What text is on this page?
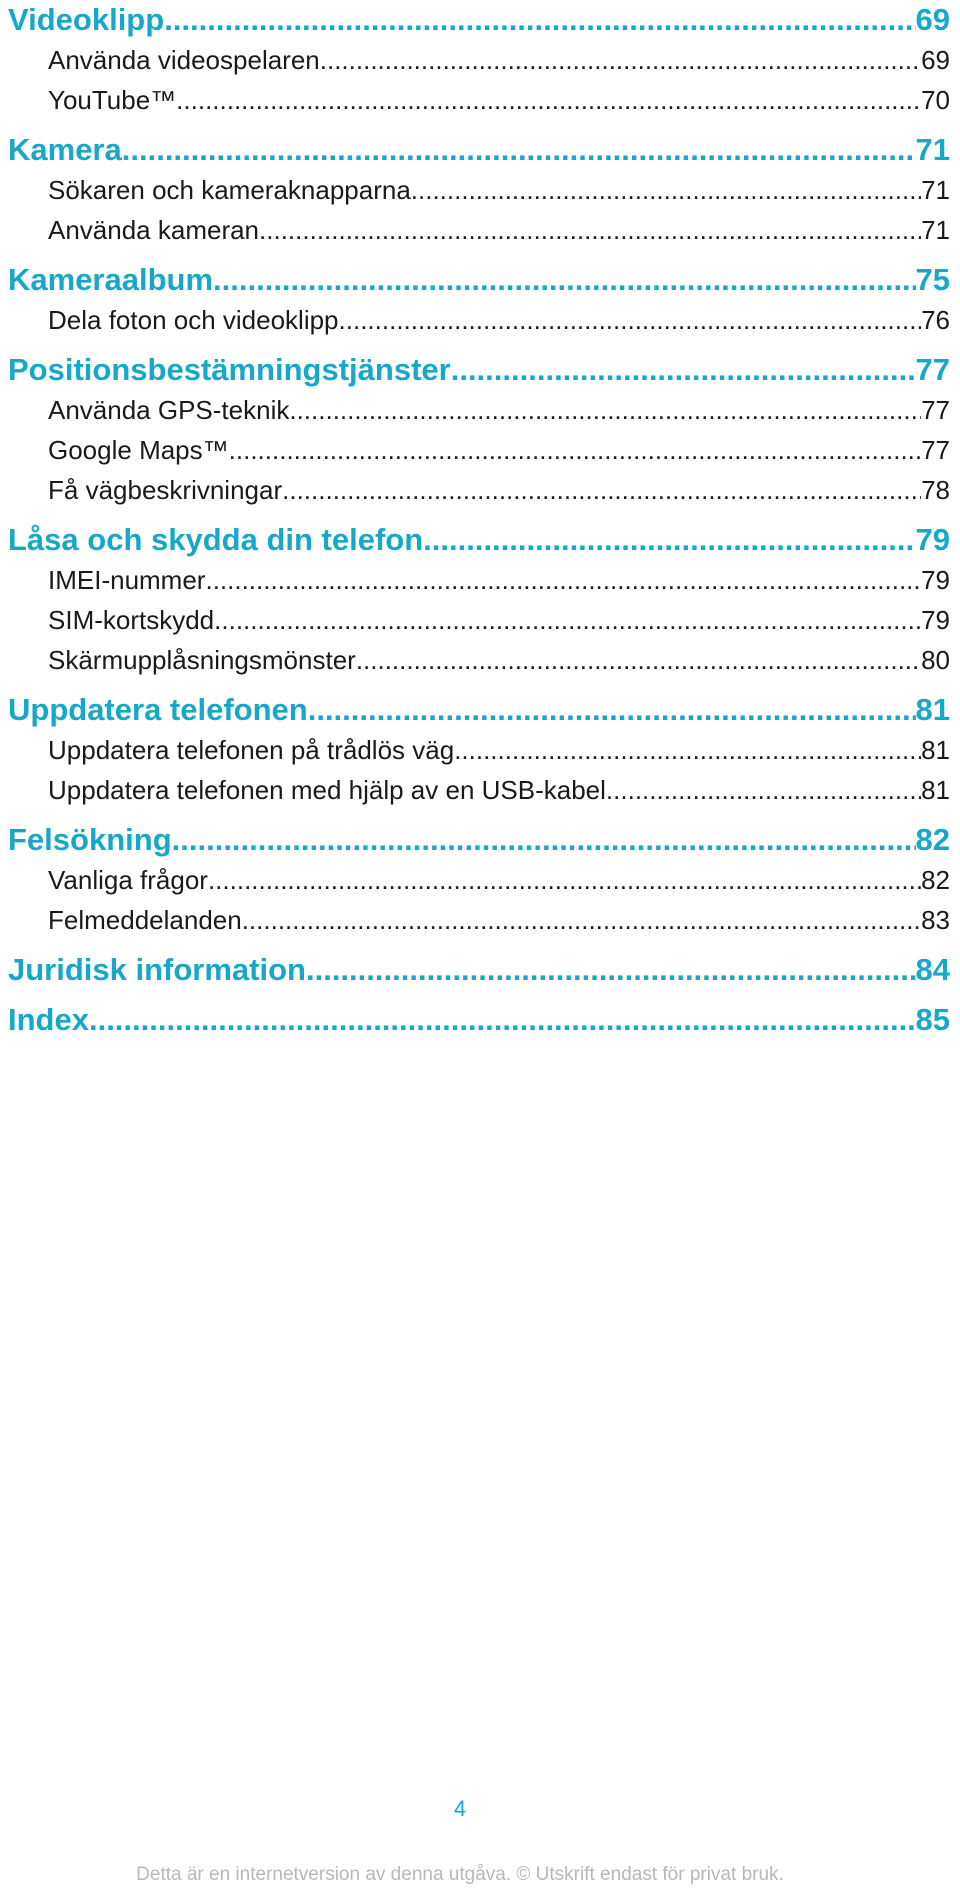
Videoklipp .....	69
Använda videospelaren .....	69
YouTube™ .....	70
Kamera .....	71
Sökaren och kameraknapparna .....	71
Använda kameran .....	71
Kameraalbum .....	75
Dela foton och videoklipp .....	76
Positionsbestämningstjänster .....	77
Använda GPS-teknik .....	77
Google Maps™ .....	77
Få vägbeskrivningar .....	78
Låsa och skydda din telefon .....	79
IMEI-nummer .....	79
SIM-kortskydd .....	79
Skärmupplåsningsmönster .....	80
Uppdatera telefonen .....	81
Uppdatera telefonen på trådlös väg .....	81
Uppdatera telefonen med hjälp av en USB-kabel .....	81
Felsökning .....	82
Vanliga frågor .....	82
Felmeddelanden .....	83
Juridisk information .....	84
Index .....	85
4
Detta är en internetversion av denna utgåva. © Utskrift endast för privat bruk.
